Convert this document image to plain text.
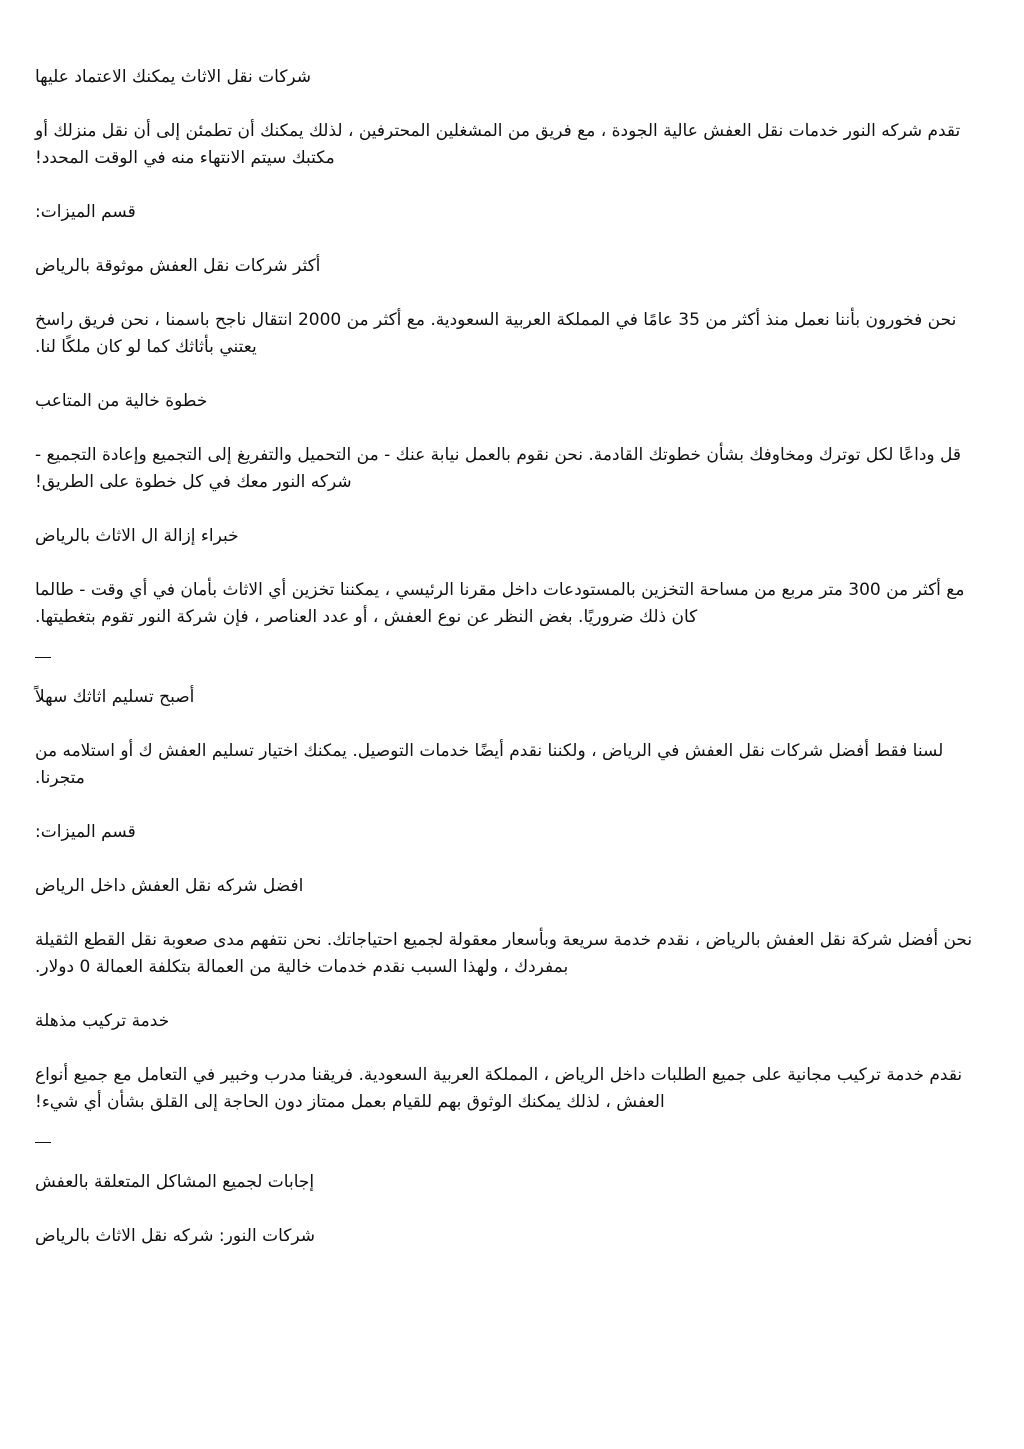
شركات نقل الاثاث يمكنك الاعتماد عليها

تقدم شركه النور خدمات نقل العفش عالية الجودة ، مع فريق من المشغلين المحترفين ، لذلك يمكنك أن تطمئن إلى أن نقل منزلك أو مكتبك سيتم الانتهاء منه في الوقت المحدد!

قسم الميزات:

أكثر شركات نقل العفش موثوقة بالرياض

نحن فخورون بأننا نعمل منذ أكثر من 35 عامًا في المملكة العربية السعودية. مع أكثر من 2000 انتقال ناجح باسمنا ، نحن فريق راسخ يعتني بأثاثك كما لو كان ملكًا لنا.

خطوة خالية من المتاعب

قل وداعًا لكل توترك ومخاوفك بشأن خطوتك القادمة. نحن نقوم بالعمل نيابة عنك - من التحميل والتفريغ إلى التجميع وإعادة التجميع - شركه النور معك في كل خطوة على الطريق!

خبراء إزالة ال الاثاث بالرياض

مع أكثر من 300 متر مربع من مساحة التخزين بالمستودعات داخل مقرنا الرئيسي ، يمكننا تخزين أي الاثاث بأمان في أي وقت - طالما كان ذلك ضروريًا. بغض النظر عن نوع العفش ، أو عدد العناصر ، فإن شركة النور تقوم بتغطيتها.

أصبح تسليم اثاثك سهلاً

لسنا فقط أفضل شركات نقل العفش في الرياض ، ولكننا نقدم أيضًا خدمات التوصيل. يمكنك اختيار تسليم العفش ك أو استلامه من متجرنا.

قسم الميزات:

افضل شركه نقل العفش داخل الرياض

نحن أفضل شركة نقل العفش بالرياض ، نقدم خدمة سريعة وبأسعار معقولة لجميع احتياجاتك. نحن نتفهم مدى صعوبة نقل القطع الثقيلة بمفردك ، ولهذا السبب نقدم خدمات خالية من العمالة بتكلفة العمالة 0 دولار.

خدمة تركيب مذهلة

نقدم خدمة تركيب مجانية على جميع الطلبات داخل الرياض ، المملكة العربية السعودية. فريقنا مدرب وخبير في التعامل مع جميع أنواع العفش ، لذلك يمكنك الوثوق بهم للقيام بعمل ممتاز دون الحاجة إلى القلق بشأن أي شيء!

إجابات لجميع المشاكل المتعلقة بالعفش

شركات النور: شركه نقل الاثاث بالرياض
